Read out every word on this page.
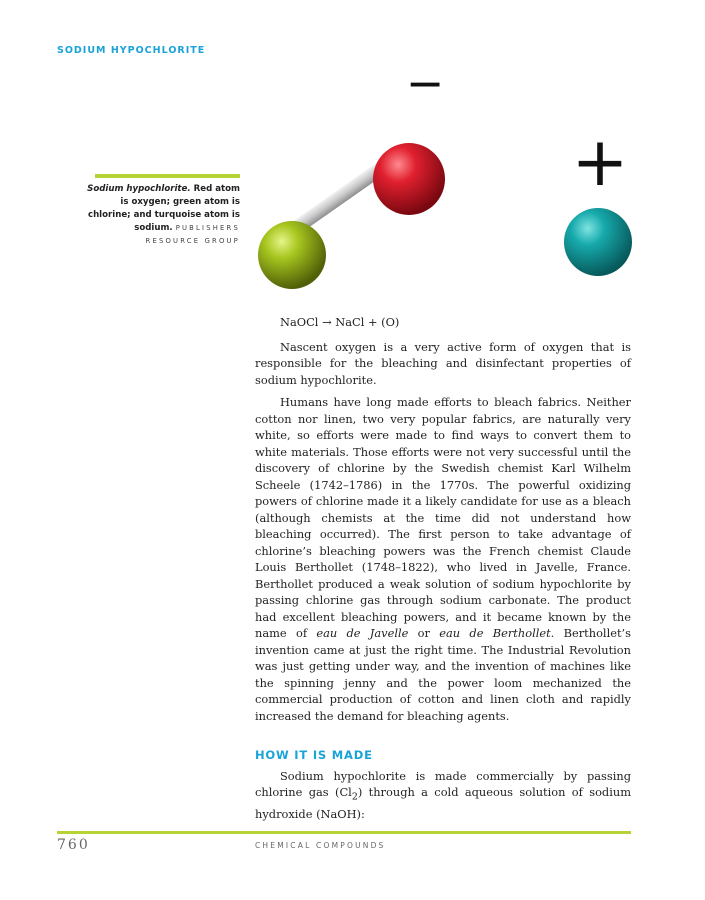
SODIUM HYPOCHLORITE
−
+
Sodium hypochlorite. Red atom is oxygen; green atom is chlorine; and turquoise atom is sodium. PUBLISHERS RESOURCE GROUP

NaOCl → NaCl + (O)

Nascent oxygen is a very active form of oxygen that is responsible for the bleaching and disinfectant properties of sodium hypochlorite.

Humans have long made efforts to bleach fabrics. Neither cotton nor linen, two very popular fabrics, are naturally very white, so efforts were made to find ways to convert them to white materials. Those efforts were not very successful until the discovery of chlorine by the Swedish chemist Karl Wilhelm Scheele (1742–1786) in the 1770s. The powerful oxidizing powers of chlorine made it a likely candidate for use as a bleach (although chemists at the time did not understand how bleaching occurred). The first person to take advantage of chlorine’s bleaching powers was the French chemist Claude Louis Berthollet (1748–1822), who lived in Javelle, France. Berthollet produced a weak solution of sodium hypochlorite by passing chlorine gas through sodium carbonate. The product had excellent bleaching powers, and it became known by the name of eau de Javelle or eau de Berthollet. Berthollet’s invention came at just the right time. The Industrial Revolution was just getting under way, and the invention of machines like the spinning jenny and the power loom mechanized the commercial production of cotton and linen cloth and rapidly increased the demand for bleaching agents.

HOW IT IS MADE

Sodium hypochlorite is made commercially by passing chlorine gas $(Cl_2)$ through a cold aqueous solution of sodium hydroxide (NaOH):

760	CHEMICAL COMPOUNDS
